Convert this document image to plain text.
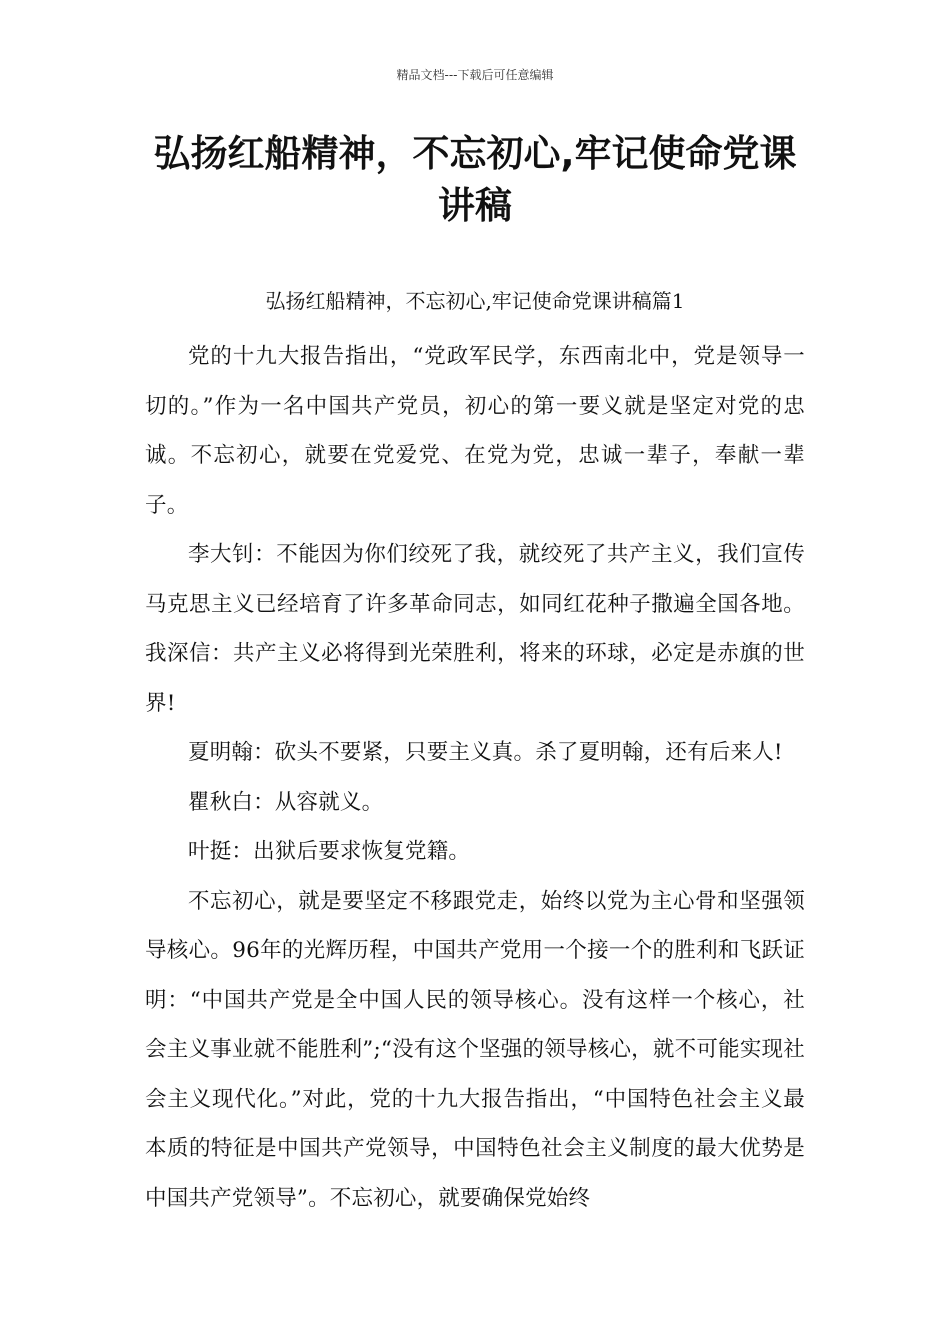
精品文档---下载后可任意编辑
弘扬红船精神，不忘初心,牢记使命党课讲稿
弘扬红船精神，不忘初心,牢记使命党课讲稿篇1

党的十九大报告指出，“党政军民学，东西南北中，党是领导一切的。”作为一名中国共产党员，初心的第一要义就是坚定对党的忠诚。不忘初心，就要在党爱党、在党为党，忠诚一辈子，奉献一辈子。

李大钊：不能因为你们绞死了我，就绞死了共产主义，我们宣传马克思主义已经培育了许多革命同志，如同红花种子撒遍全国各地。我深信：共产主义必将得到光荣胜利，将来的环球，必定是赤旗的世界!

夏明翰：砍头不要紧，只要主义真。杀了夏明翰，还有后来人!

瞿秋白：从容就义。

叶挺：出狱后要求恢复党籍。

不忘初心，就是要坚定不移跟党走，始终以党为主心骨和坚强领导核心。96年的光辉历程，中国共产党用一个接一个的胜利和飞跃证明：“中国共产党是全中国人民的领导核心。没有这样一个核心，社会主义事业就不能胜利”;“没有这个坚强的领导核心，就不可能实现社会主义现代化。”对此，党的十九大报告指出，“中国特色社会主义最本质的特征是中国共产党领导，中国特色社会主义制度的最大优势是中国共产党领导”。不忘初心，就要确保党始终
